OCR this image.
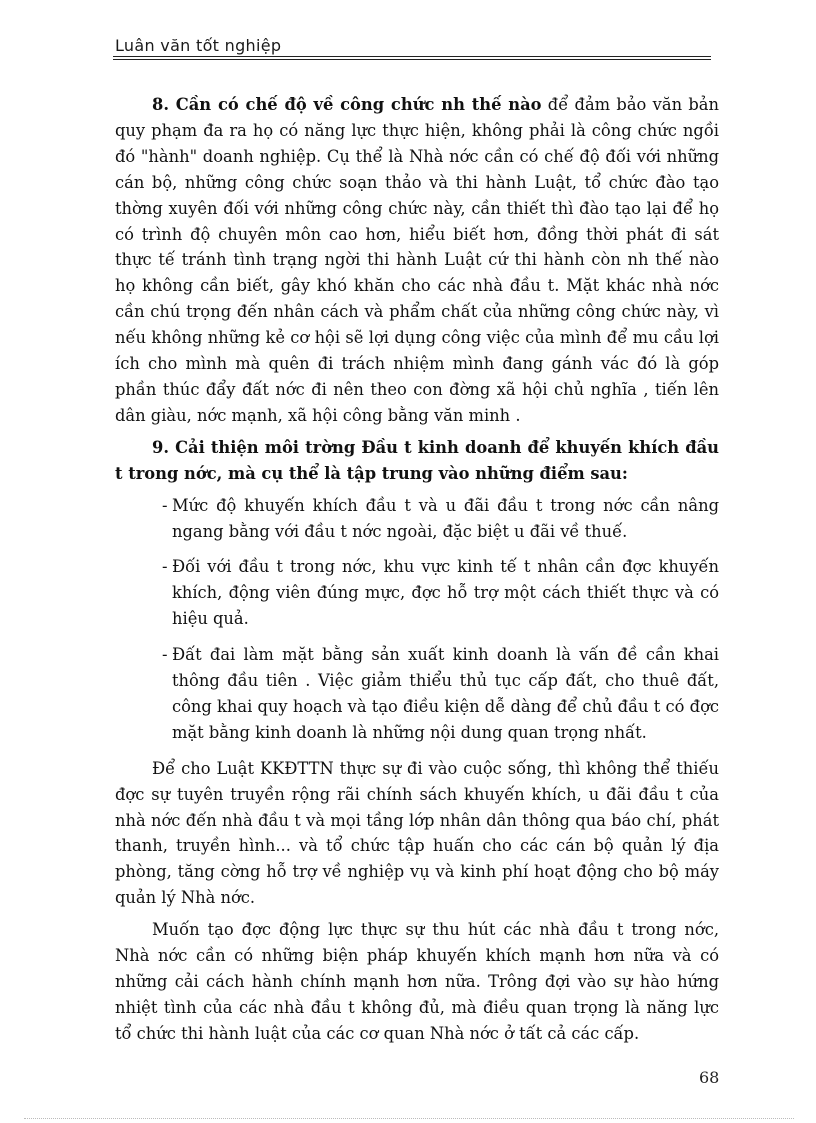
Luân văn tốt nghiệp

8. Cần có chế độ về công chức nh thế nào để đảm bảo văn bản quy phạm đa ra họ có năng lực thực hiện, không phải là công chức ngồi đó "hành" doanh nghiệp. Cụ thể là Nhà nớc cần có chế độ đối với những cán bộ, những công chức soạn thảo và thi hành Luật, tổ chức đào tạo thờng xuyên đối với những công chức này, cần thiết thì đào tạo lại để họ có trình độ chuyên môn cao hơn, hiểu biết hơn, đồng thời phát đi sát thực tế tránh tình trạng ngời thi hành Luật cứ thi hành còn nh thế nào họ không cần biết, gây khó khăn cho các nhà đầu t. Mặt khác nhà nớc cần chú trọng đến nhân cách và phẩm chất của những công chức này, vì nếu không những kẻ cơ hội sẽ lợi dụng công việc của mình để mu cầu lợi ích cho mình mà quên đi trách nhiệm mình đang gánh vác đó là góp phần thúc đẩy đất nớc đi nên theo con đờng xã hội chủ nghĩa , tiến lên dân giàu, nớc mạnh, xã hội công bằng văn minh .

9. Cải thiện môi trờng Đầu t kinh doanh để khuyến khích đầu t trong nớc, mà cụ thể là tập trung vào những điểm sau:

- Mức độ khuyến khích đầu t và u đãi đầu t trong nớc cần nâng ngang bằng với đầu t nớc ngoài, đặc biệt u đãi về thuế.
- Đối với đầu t trong nớc, khu vực kinh tế t nhân cần đợc khuyến khích, động viên đúng mực, đợc hỗ trợ một cách thiết thực và có hiệu quả.
- Đất đai làm mặt bằng sản xuất kinh doanh là vấn đề cần khai thông đầu tiên . Việc giảm thiểu thủ tục cấp đất, cho thuê đất, công khai quy hoạch và tạo điều kiện dễ dàng để chủ đầu t có đợc mặt bằng kinh doanh là những nội dung quan trọng nhất.

Để cho Luật KKĐTTN thực sự đi vào cuộc sống, thì không thể thiếu đợc sự tuyên truyền rộng rãi chính sách khuyến khích, u đãi đầu t của nhà nớc đến nhà đầu t và mọi tầng lớp nhân dân thông qua báo chí, phát thanh, truyền hình... và tổ chức tập huấn cho các cán bộ quản lý địa phòng, tăng cờng hỗ trợ về nghiệp vụ và kinh phí hoạt động cho bộ máy quản lý Nhà nớc.

Muốn tạo đợc động lực thực sự thu hút các nhà đầu t trong nớc, Nhà nớc cần có những biện pháp khuyến khích mạnh hơn nữa và có những cải cách hành chính mạnh hơn nữa. Trông đợi vào sự hào hứng nhiệt tình của các nhà đầu t không đủ, mà điều quan trọng là năng lực tổ chức thi hành luật của các cơ quan Nhà nớc ở tất cả các cấp.

68
